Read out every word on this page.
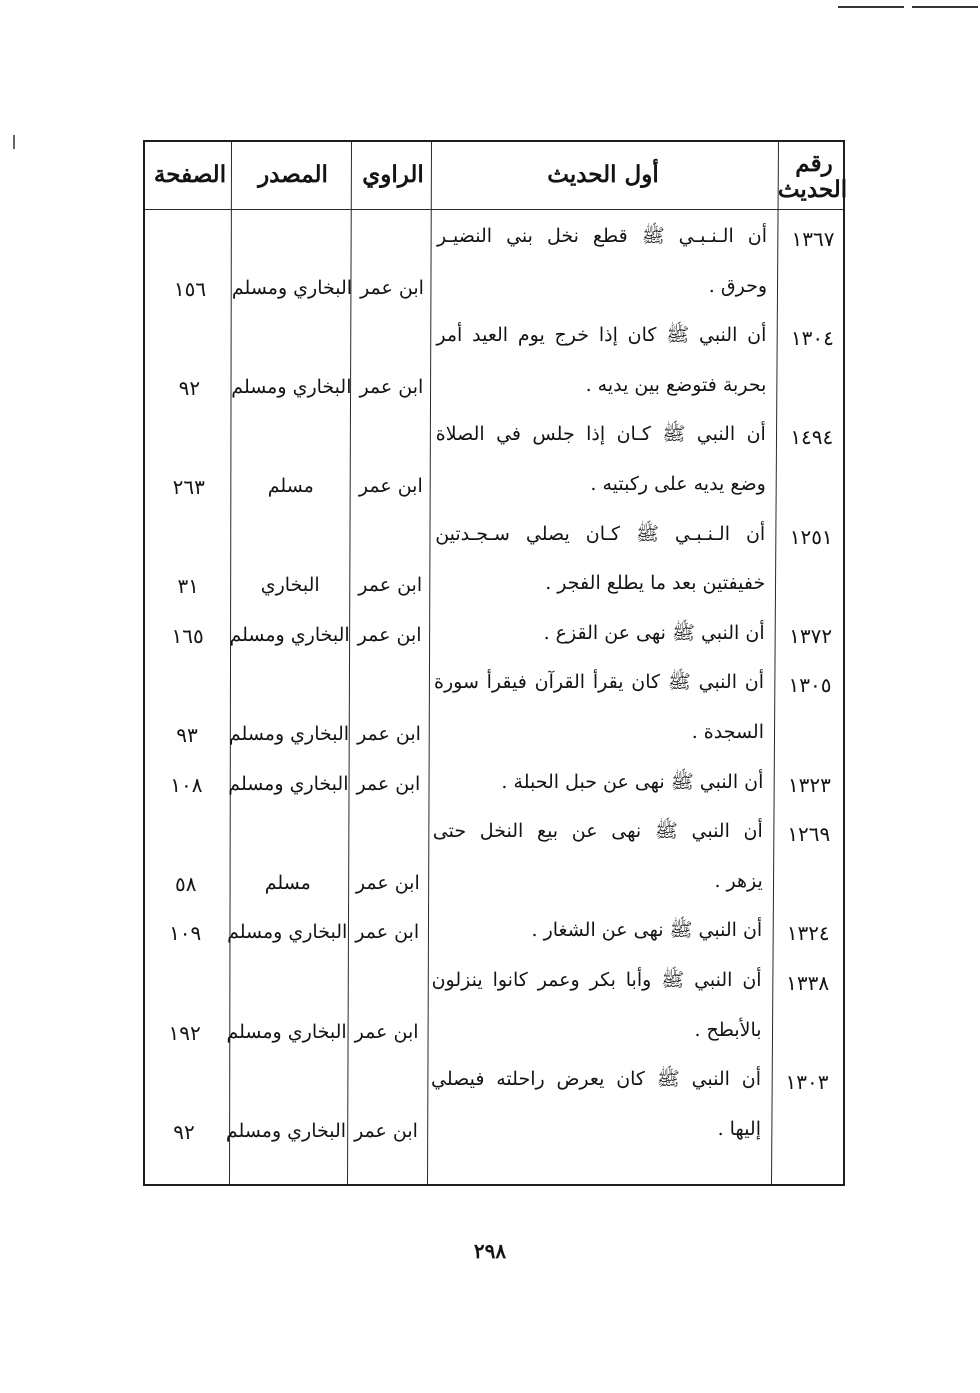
رقم
الحديث
أول الحديث
الراوي
المصدر
الصفحة
١٣٦٧
أن الـنـبـي ﷺ قطع نخل بني النضيـر
وحرق .
ابن عمر
البخاري ومسلم
١٥٦
١٣٠٤
أن النبي ﷺ كان إذا خرج يوم العيد أمر
بحربة فتوضع بين يديه .
ابن عمر
البخاري ومسلم
٩٢
١٤٩٤
أن النبي ﷺ كـان إذا جلس في الصلاة
وضع يديه على ركبتيه .
ابن عمر
مسلم
٢٦٣
١٢٥١
أن الـنـبـي ﷺ كـان يصلي سـجـدتين
خفيفتين بعد ما يطلع الفجر .
ابن عمر
البخاري
٣١
١٣٧٢
أن النبي ﷺ نهى عن القزع .
ابن عمر
البخاري ومسلم
١٦٥
١٣٠٥
أن النبي ﷺ كان يقرأ القرآن فيقرأ سورة
السجدة .
ابن عمر
البخاري ومسلم
٩٣
١٣٢٣
أن النبي ﷺ نهى عن حبل الحبلة .
ابن عمر
البخاري ومسلم
١٠٨
١٢٦٩
أن النبي ﷺ نهى عن بيع النخل حتى
يزهر .
ابن عمر
مسلم
٥٨
١٣٢٤
أن النبي ﷺ نهى عن الشغار .
ابن عمر
البخاري ومسلم
١٠٩
١٣٣٨
أن النبي ﷺ وأبا بكر وعمر كانوا ينزلون
بالأبطح .
ابن عمر
البخاري ومسلم
١٩٢
١٣٠٣
أن النبي ﷺ كان يعرض راحلته فيصلي
إليها .
ابن عمر
البخاري ومسلم
٩٢
٢٩٨
